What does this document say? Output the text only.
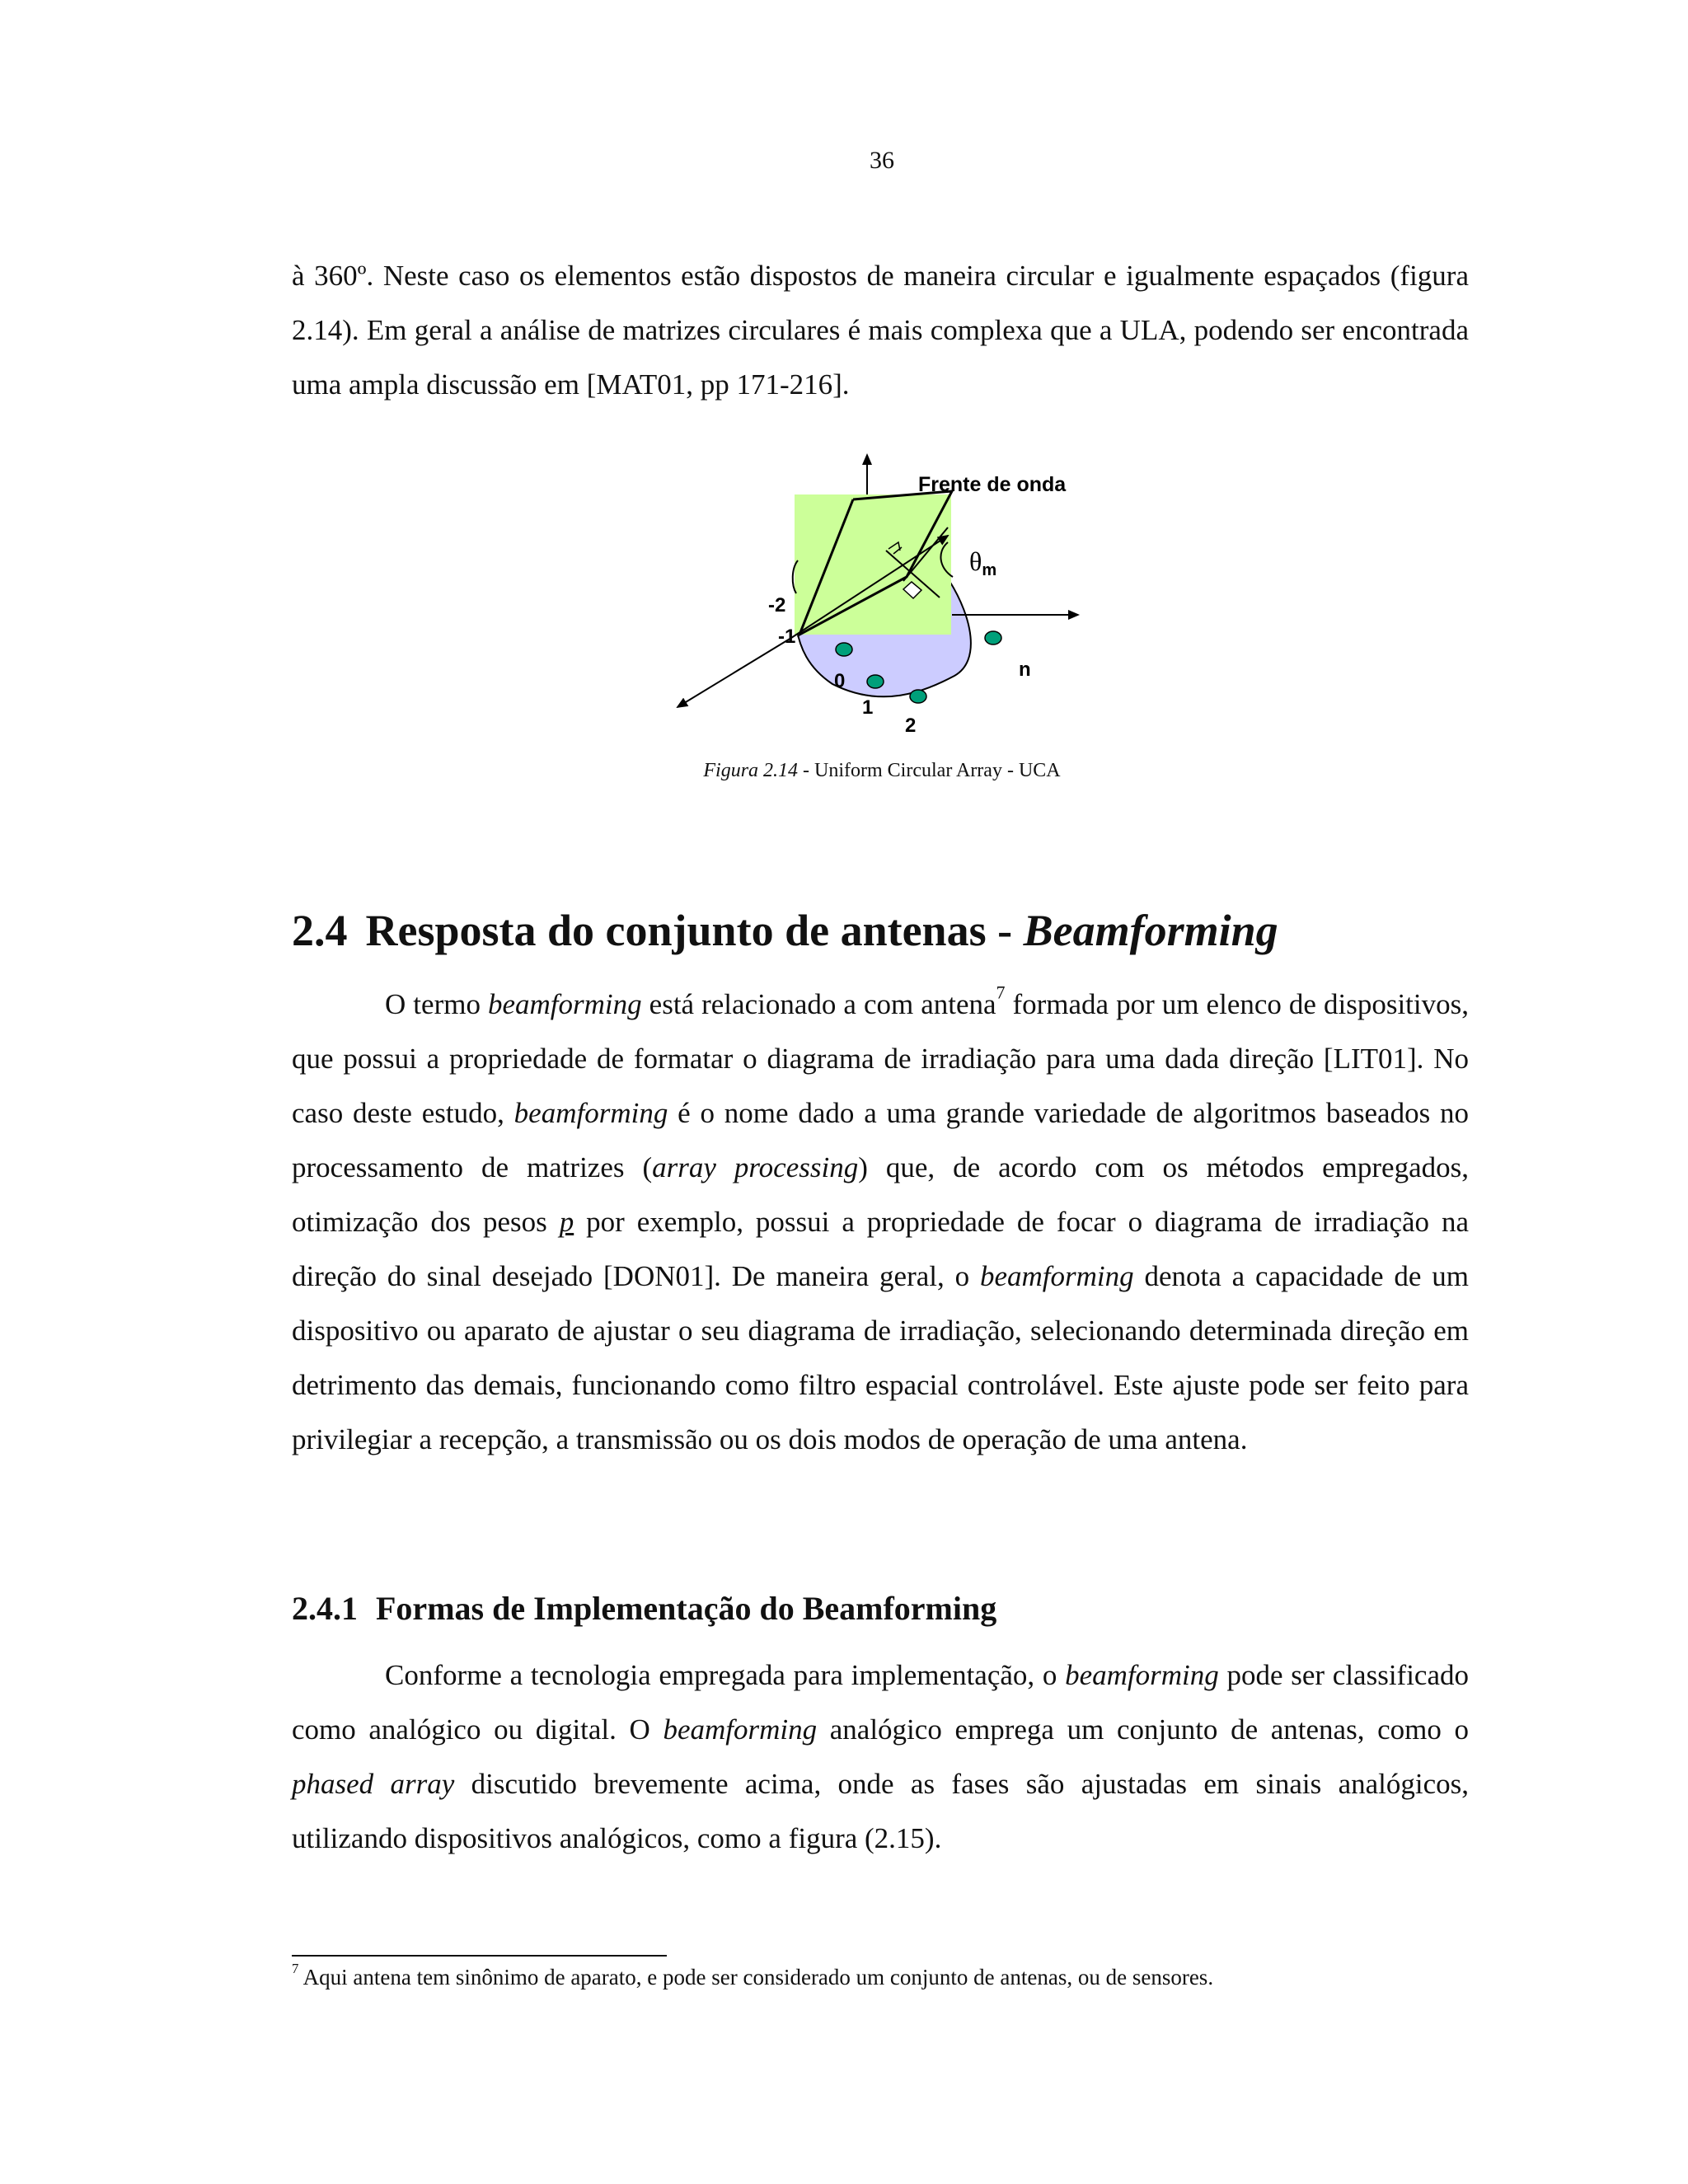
36

à 360º. Neste caso os elementos estão dispostos de maneira circular e igualmente espaçados (figura 2.14). Em geral a análise de matrizes circulares é mais complexa que a ULA, podendo ser encontrada uma ampla discussão em [MAT01, pp 171-216].

Frente de onda
θm
-2
-1
0
1
2
n
Figura 2.14 - Uniform Circular Array - UCA
2.4 Resposta do conjunto de antenas - Beamforming

O termo beamforming está relacionado a com antena$^7$ formada por um elenco de dispositivos, que possui a propriedade de formatar o diagrama de irradiação para uma dada direção [LIT01]. No caso deste estudo, beamforming é o nome dado a uma grande variedade de algoritmos baseados no processamento de matrizes (array processing) que, de acordo com os métodos empregados, otimização dos pesos p por exemplo, possui a propriedade de focar o diagrama de irradiação na direção do sinal desejado [DON01]. De maneira geral, o beamforming denota a capacidade de um dispositivo ou aparato de ajustar o seu diagrama de irradiação, selecionando determinada direção em detrimento das demais, funcionando como filtro espacial controlável. Este ajuste pode ser feito para privilegiar a recepção, a transmissão ou os dois modos de operação de uma antena.

2.4.1 Formas de Implementação do Beamforming

Conforme a tecnologia empregada para implementação, o beamforming pode ser classificado como analógico ou digital. O beamforming analógico emprega um conjunto de antenas, como o phased array discutido brevemente acima, onde as fases são ajustadas em sinais analógicos, utilizando dispositivos analógicos, como a figura (2.15).

$^7$ Aqui antena tem sinônimo de aparato, e pode ser considerado um conjunto de antenas, ou de sensores.
